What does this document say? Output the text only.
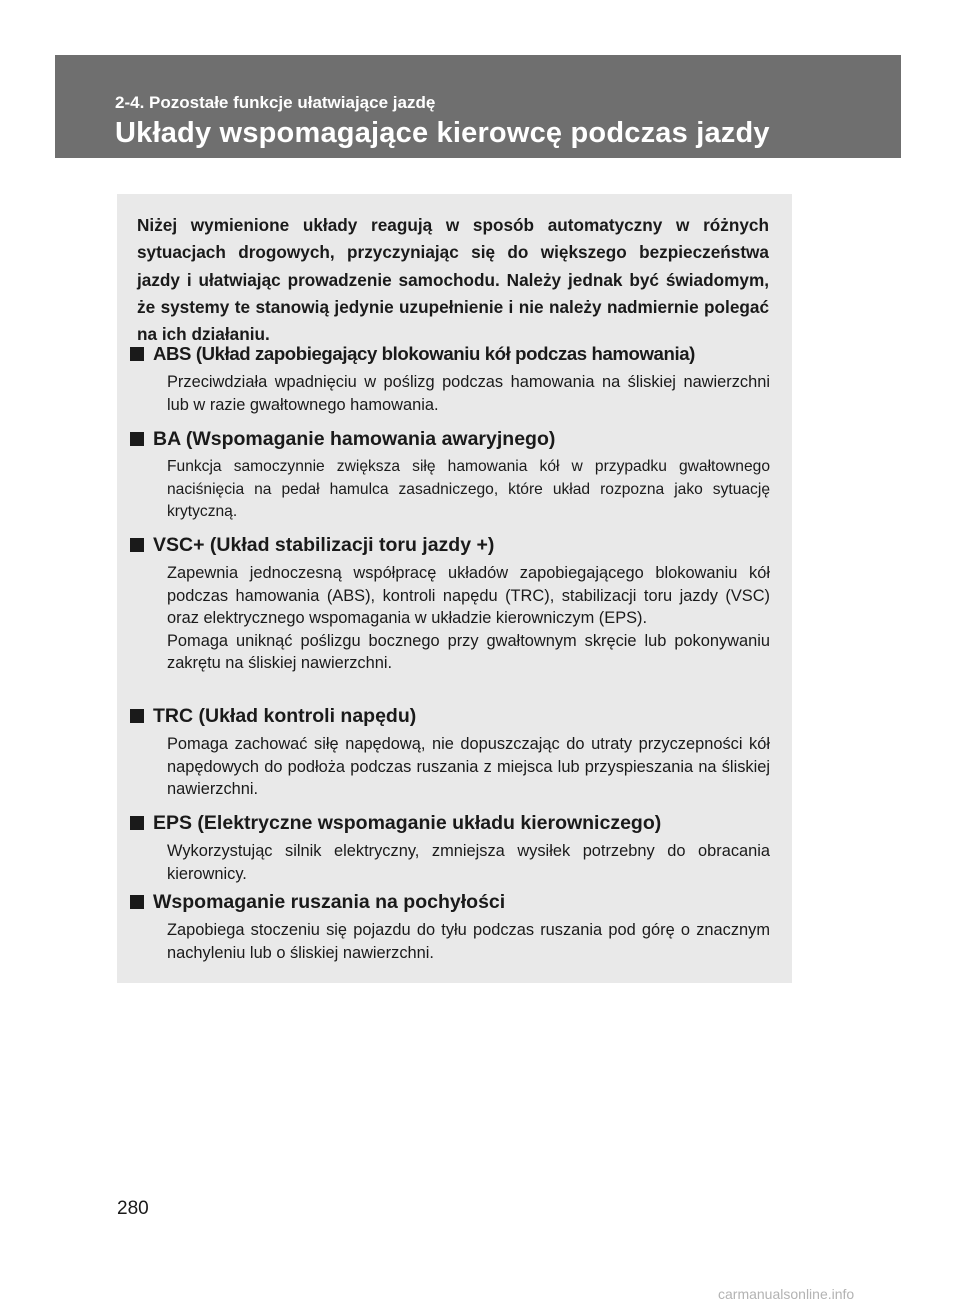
2-4. Pozostałe funkcje ułatwiające jazdę
Układy wspomagające kierowcę podczas jazdy

Niżej wymienione układy reagują w sposób automatyczny w różnych sytuacjach drogowych, przyczyniając się do większego bezpieczeństwa jazdy i ułatwiając prowadzenie samochodu. Należy jednak być świadomym, że systemy te stanowią jedynie uzupełnienie i nie należy nadmiernie polegać na ich działaniu.

ABS (Układ zapobiegający blokowaniu kół podczas hamowania)

Przeciwdziała wpadnięciu w poślizg podczas hamowania na śliskiej nawierzchni lub w razie gwałtownego hamowania.

BA (Wspomaganie hamowania awaryjnego)

Funkcja samoczynnie zwiększa siłę hamowania kół w przypadku gwałtownego naciśnięcia na pedał hamulca zasadniczego, które układ rozpozna jako sytuację krytyczną.

VSC+ (Układ stabilizacji toru jazdy +)

Zapewnia jednoczesną współpracę układów zapobiegającego blokowaniu kół podczas hamowania (ABS), kontroli napędu (TRC), stabilizacji toru jazdy (VSC) oraz elektrycznego wspomagania w układzie kierowniczym (EPS).

Pomaga uniknąć poślizgu bocznego przy gwałtownym skręcie lub pokonywaniu zakrętu na śliskiej nawierzchni.

TRC (Układ kontroli napędu)

Pomaga zachować siłę napędową, nie dopuszczając do utraty przyczepności kół napędowych do podłoża podczas ruszania z miejsca lub przyspieszania na śliskiej nawierzchni.

EPS (Elektryczne wspomaganie układu kierowniczego)

Wykorzystując silnik elektryczny, zmniejsza wysiłek potrzebny do obracania kierownicy.

Wspomaganie ruszania na pochyłości

Zapobiega stoczeniu się pojazdu do tyłu podczas ruszania pod górę o znacznym nachyleniu lub o śliskiej nawierzchni.

280
carmanualsonline.info
